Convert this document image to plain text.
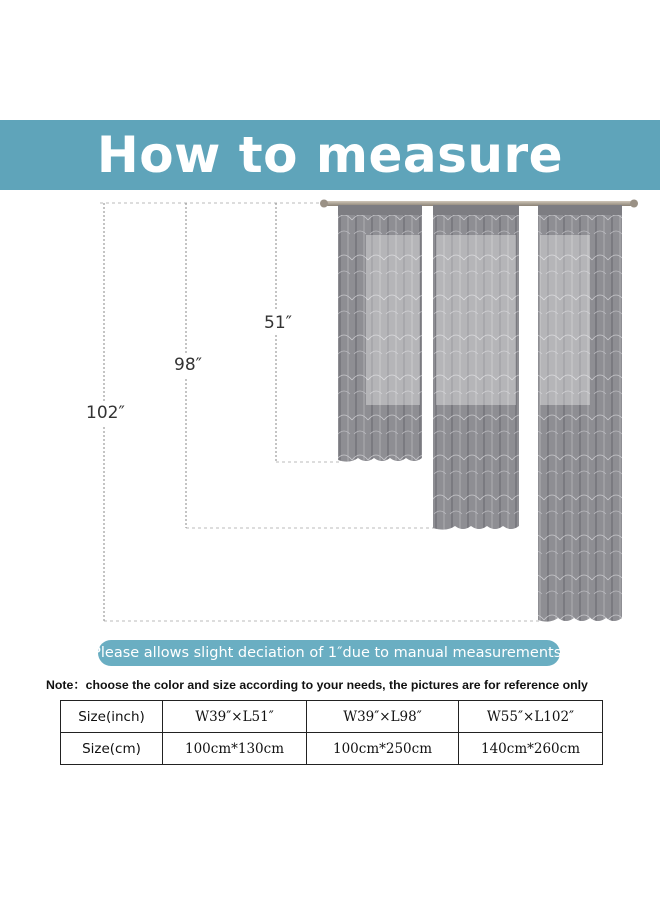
How to measure
102″
98″
51″
Please allows slight deciation of 1″due to manual measurements.
Note：choose the color and size according to your needs, the pictures are for reference only
Size(inch)	W39″×L51″	W39″×L98″	W55″×L102″
Size(cm)	100cm*130cm	100cm*250cm	140cm*260cm
